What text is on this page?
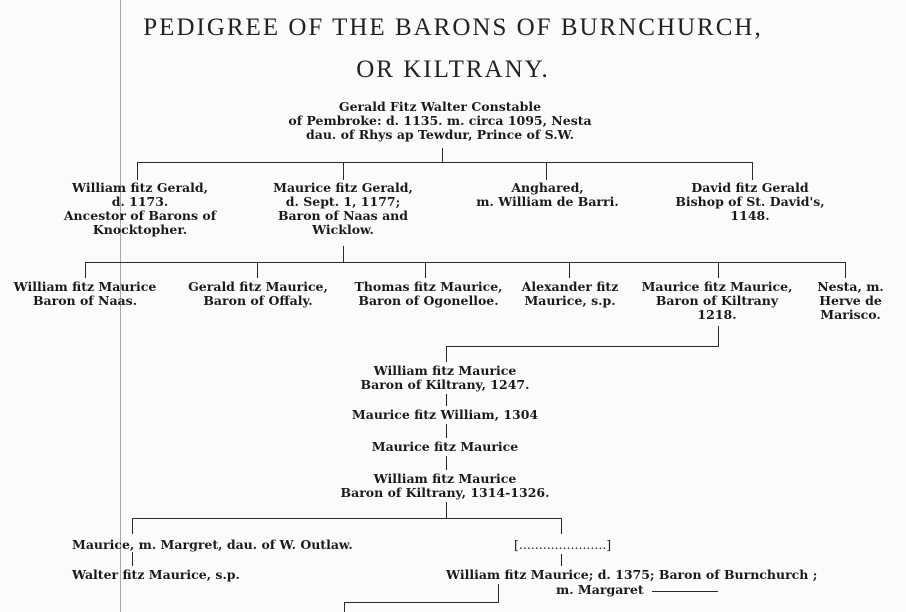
PEDIGREE OF THE BARONS OF BURNCHURCH,
OR KILTRANY.
Gerald Fitz Walter Constable
of Pembroke: d. 1135. m. circa 1095, Nesta
dau. of Rhys ap Tewdur, Prince of S.W.
William fitz Gerald,
d. 1173.
Ancestor of Barons of
Knocktopher.
Maurice fitz Gerald,
d. Sept. 1, 1177;
Baron of Naas and
Wicklow.
Anghared,
m. William de Barri.
David fitz Gerald
Bishop of St. David's,
1148.
William fitz Maurice
Baron of Naas.
Gerald fitz Maurice,
Baron of Offaly.
Thomas fitz Maurice,
Baron of Ogonelloe.
Alexander fitz
Maurice, s.p.
Maurice fitz Maurice,
Baron of Kiltrany
1218.
Nesta, m.
Herve de
Marisco.
William fitz Maurice
Baron of Kiltrany, 1247.
Maurice fitz William, 1304
Maurice fitz Maurice
William fitz Maurice
Baron of Kiltrany, 1314-1326.
Maurice, m. Margret, dau. of W. Outlaw.	[......................]
Walter fitz Maurice, s.p.	William fitz Maurice; d. 1375; Baron of Burnchurch ;
m. Margaret
